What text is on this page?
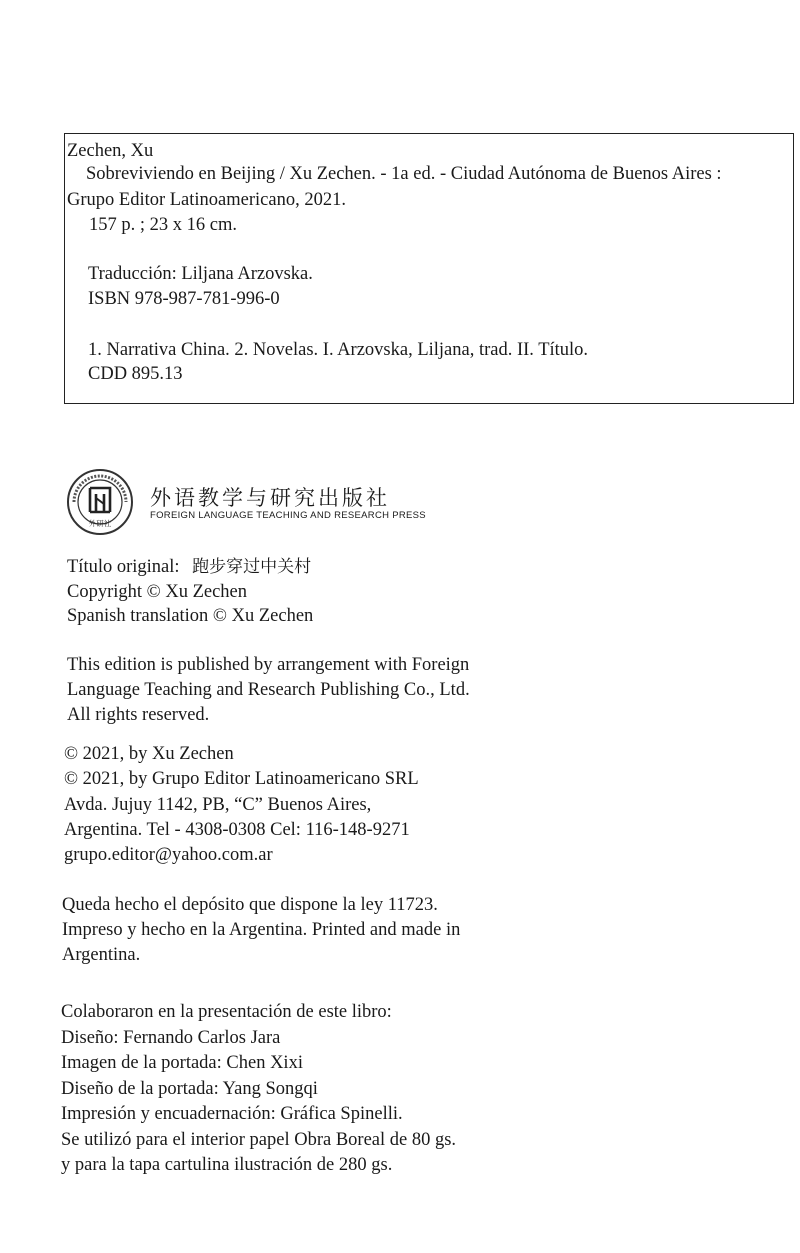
Zechen, Xu
Sobreviviendo en Beijing / Xu Zechen. - 1a ed. - Ciudad Autónoma de Buenos Aires :
Grupo Editor Latinoamericano, 2021.
157 p. ; 23 x 16 cm.
Traducción: Liljana Arzovska.
ISBN 978-987-781-996-0
1. Narrativa China. 2. Novelas. I. Arzovska, Liljana, trad. II. Título.
CDD 895.13
外研社
外语教学与研究出版社
FOREIGN LANGUAGE TEACHING AND RESEARCH PRESS
Título original: 跑步穿过中关村
Copyright © Xu Zechen
Spanish translation © Xu Zechen
This edition is published by arrangement with Foreign
Language Teaching and Research Publishing Co., Ltd.
All rights reserved.
© 2021, by Xu Zechen
© 2021, by Grupo Editor Latinoamericano SRL
Avda. Jujuy 1142, PB, “C” Buenos Aires,
Argentina. Tel - 4308-0308 Cel: 116-148-9271
grupo.editor@yahoo.com.ar
Queda hecho el depósito que dispone la ley 11723.
Impreso y hecho en la Argentina. Printed and made in
Argentina.
Colaboraron en la presentación de este libro:
Diseño: Fernando Carlos Jara
Imagen de la portada: Chen Xixi
Diseño de la portada: Yang Songqi
Impresión y encuadernación: Gráfica Spinelli.
Se utilizó para el interior papel Obra Boreal de 80 gs.
y para la tapa cartulina ilustración de 280 gs.
